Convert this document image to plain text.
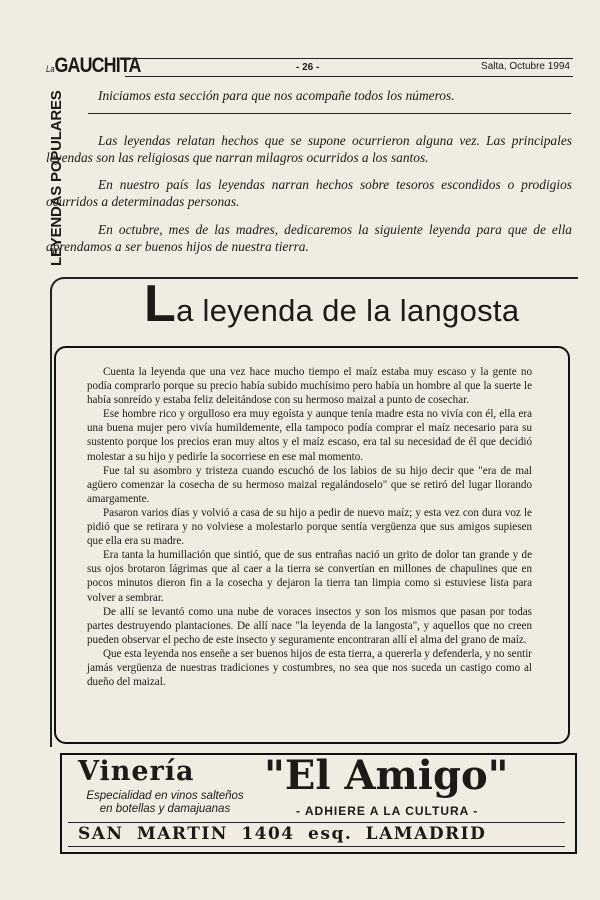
LaGAUCHITA	- 26 -	Salta, Octubre 1994
LEYENDAS POPULARES	Iniciamos esta sección para que nos acompañe todos los números.

Las leyendas relatan hechos que se supone ocurrieron alguna vez. Las principales leyendas son las religiosas que narran milagros ocurridos a los santos.

En nuestro país las leyendas narran hechos sobre tesoros escondidos o prodigios ocurridos a determinadas personas.

En octubre, mes de las madres, dedicaremos la siguiente leyenda para que de ella aprendamos a ser buenos hijos de nuestra tierra.

La leyenda de la langosta

Cuenta la leyenda que una vez hace mucho tiempo el maíz estaba muy escaso y la gente no podía comprarlo porque su precio había subido muchísimo pero había un hombre al que la suerte le había sonreído y estaba feliz deleitándose con su hermoso maizal a punto de cosechar.

Ese hombre rico y orgulloso era muy egoísta y aunque tenía madre esta no vivía con él, ella era una buena mujer pero vivía humildemente, ella tampoco podía comprar el maíz necesario para su sustento porque los precios eran muy altos y el maíz escaso, era tal su necesidad de él que decidió molestar a su hijo y pedirle la socorriese en ese mal momento.

Fue tal su asombro y tristeza cuando escuchó de los labios de su hijo decir que "era de mal agüero comenzar la cosecha de su hermoso maizal regalándoselo" que se retiró del lugar llorando amargamente.

Pasaron varios días y volvió a casa de su hijo a pedir de nuevo maíz; y esta vez con dura voz le pidió que se retirara y no volviese a molestarlo porque sentía vergüenza que sus amigos supiesen que ella era su madre.

Era tanta la humillación que sintió, que de sus entrañas nació un grito de dolor tan grande y de sus ojos brotaron lágrimas que al caer a la tierra se convertían en millones de chapulines que en pocos minutos dieron fin a la cosecha y dejaron la tierra tan limpia como si estuviese lista para volver a sembrar.

De allí se levantó como una nube de voraces insectos y son los mismos que pasan por todas partes destruyendo plantaciones. De allí nace "la leyenda de la langosta", y aquellos que no creen pueden observar el pecho de este insecto y seguramente encontraran allí el alma del grano de maíz.

Que esta leyenda nos enseñe a ser buenos hijos de esta tierra, a quererla y defenderla, y no sentir jamás vergüenza de nuestras tradiciones y costumbres, no sea que nos suceda un castigo como al dueño del maizal.

Vinería
Especialidad en vinos salteños
en botellas y damajuanas
"El Amigo"
- ADHIERE A LA CULTURA -
SAN MARTIN 1404 esq. LAMADRID
